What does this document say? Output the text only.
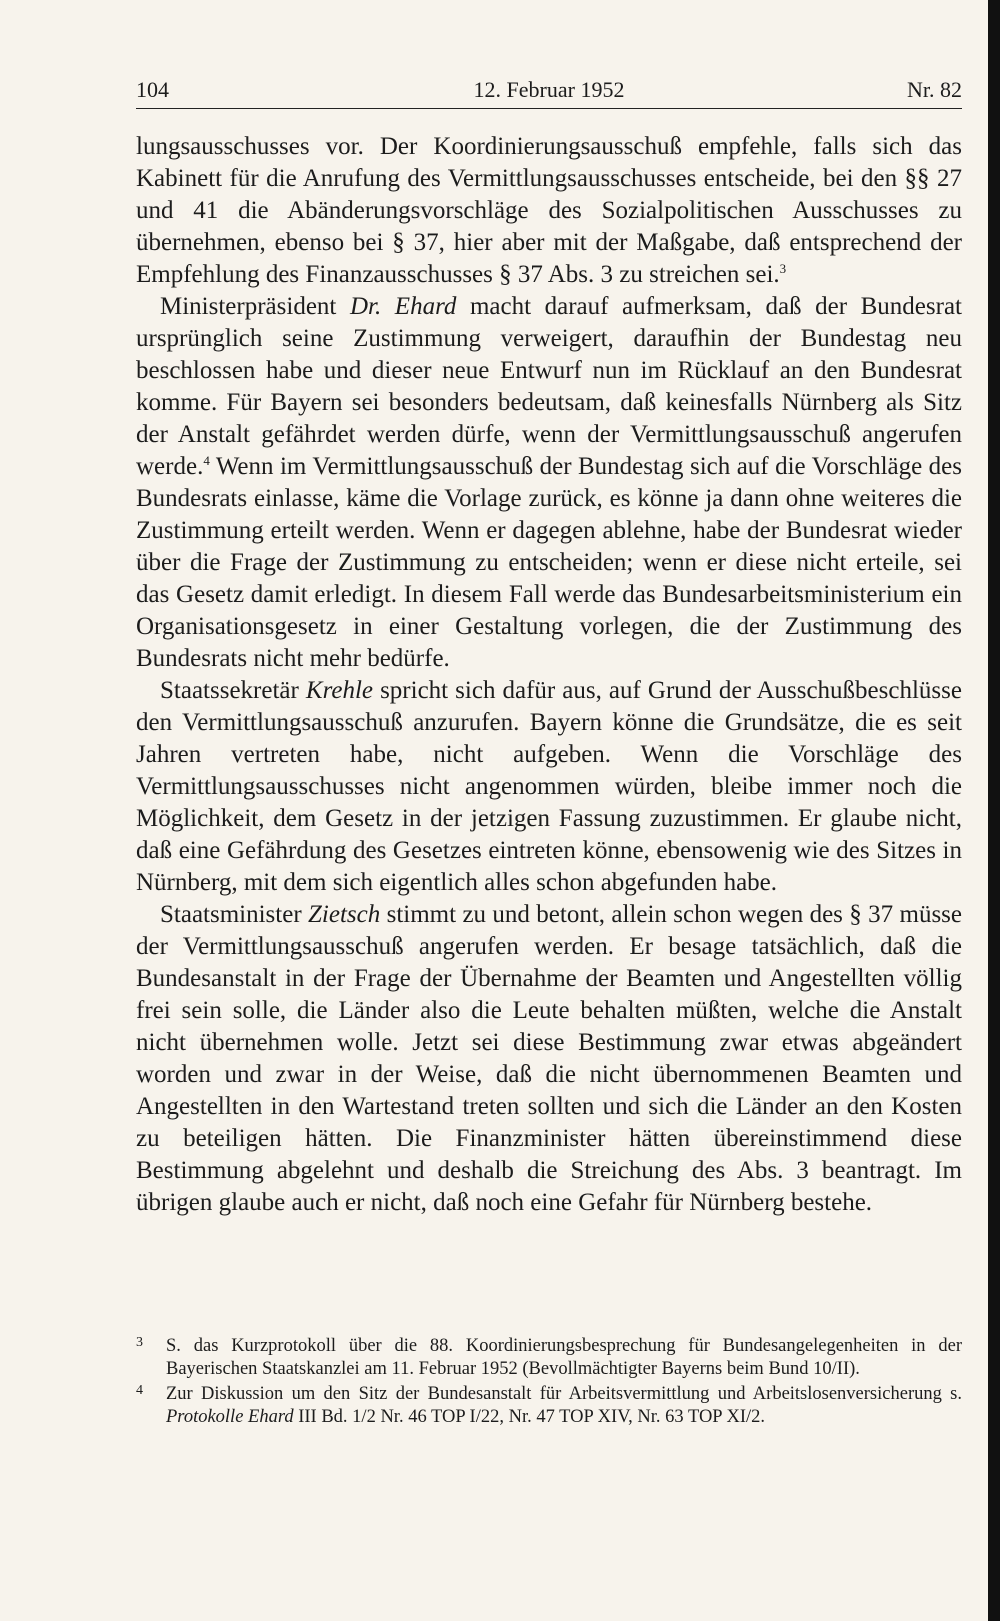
104	12. Februar 1952	Nr. 82

lungsausschusses vor. Der Koordinierungsausschuß empfehle, falls sich das Kabinett für die Anrufung des Vermittlungsausschusses entscheide, bei den §§ 27 und 41 die Abänderungsvorschläge des Sozialpolitischen Ausschusses zu übernehmen, ebenso bei § 37, hier aber mit der Maßgabe, daß entsprechend der Empfehlung des Finanzausschusses § 37 Abs. 3 zu streichen sei.$^3$

Ministerpräsident Dr. Ehard macht darauf aufmerksam, daß der Bundesrat ursprünglich seine Zustimmung verweigert, daraufhin der Bundestag neu beschlossen habe und dieser neue Entwurf nun im Rücklauf an den Bundesrat komme. Für Bayern sei besonders bedeutsam, daß keinesfalls Nürnberg als Sitz der Anstalt gefährdet werden dürfe, wenn der Vermittlungsausschuß angerufen werde.$^4$ Wenn im Vermittlungsausschuß der Bundestag sich auf die Vorschläge des Bundesrats einlasse, käme die Vorlage zurück, es könne ja dann ohne weiteres die Zustimmung erteilt werden. Wenn er dagegen ablehne, habe der Bundesrat wieder über die Frage der Zustimmung zu entscheiden; wenn er diese nicht erteile, sei das Gesetz damit erledigt. In diesem Fall werde das Bundesarbeitsministerium ein Organisationsgesetz in einer Gestaltung vorlegen, die der Zustimmung des Bundesrats nicht mehr bedürfe.

Staatssekretär Krehle spricht sich dafür aus, auf Grund der Ausschußbeschlüsse den Vermittlungsausschuß anzurufen. Bayern könne die Grundsätze, die es seit Jahren vertreten habe, nicht aufgeben. Wenn die Vorschläge des Vermittlungsausschusses nicht angenommen würden, bleibe immer noch die Möglichkeit, dem Gesetz in der jetzigen Fassung zuzustimmen. Er glaube nicht, daß eine Gefährdung des Gesetzes eintreten könne, ebensowenig wie des Sitzes in Nürnberg, mit dem sich eigentlich alles schon abgefunden habe.

Staatsminister Zietsch stimmt zu und betont, allein schon wegen des § 37 müsse der Vermittlungsausschuß angerufen werden. Er besage tatsächlich, daß die Bundesanstalt in der Frage der Übernahme der Beamten und Angestellten völlig frei sein solle, die Länder also die Leute behalten müßten, welche die Anstalt nicht übernehmen wolle. Jetzt sei diese Bestimmung zwar etwas abgeändert worden und zwar in der Weise, daß die nicht übernommenen Beamten und Angestellten in den Wartestand treten sollten und sich die Länder an den Kosten zu beteiligen hätten. Die Finanzminister hätten übereinstimmend diese Bestimmung abgelehnt und deshalb die Streichung des Abs. 3 beantragt. Im übrigen glaube auch er nicht, daß noch eine Gefahr für Nürnberg bestehe.

3 S. das Kurzprotokoll über die 88. Koordinierungsbesprechung für Bundesangelegenheiten in der Bayerischen Staatskanzlei am 11. Februar 1952 (Bevollmächtigter Bayerns beim Bund 10/II).
4 Zur Diskussion um den Sitz der Bundesanstalt für Arbeitsvermittlung und Arbeitslosenversicherung s. Protokolle Ehard III Bd. 1/2 Nr. 46 TOP I/22, Nr. 47 TOP XIV, Nr. 63 TOP XI/2.
